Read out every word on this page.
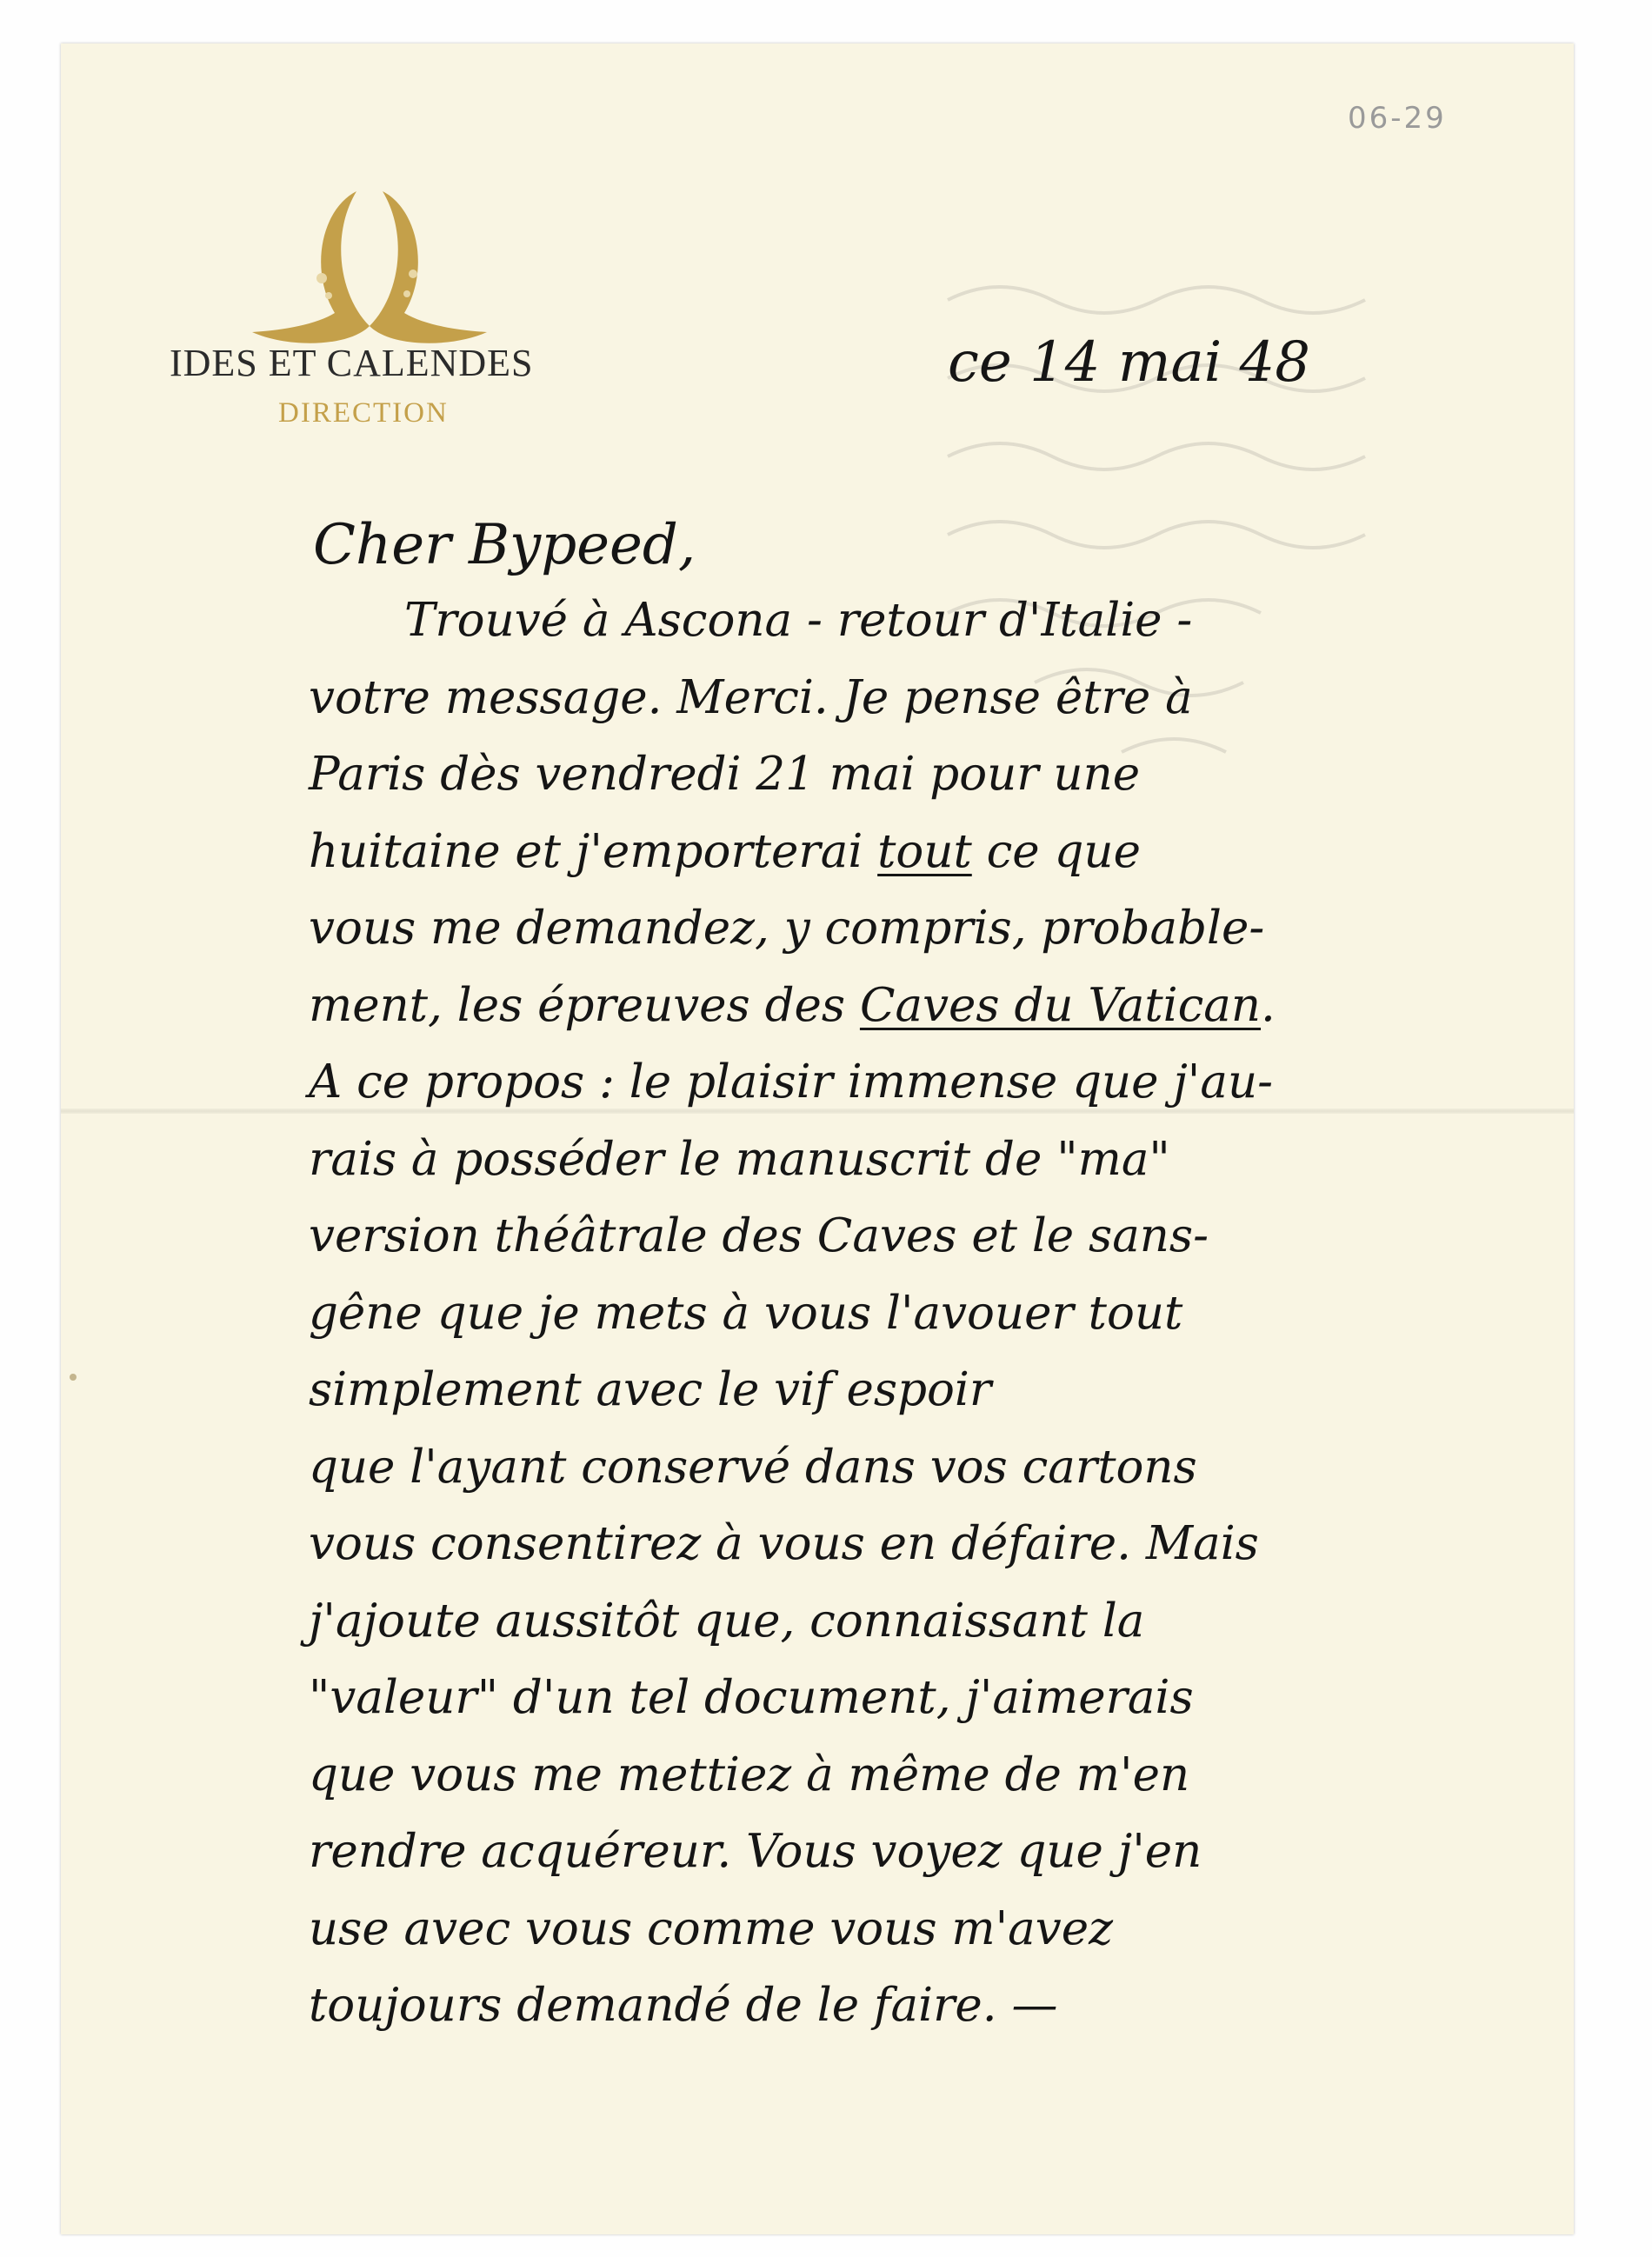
06-29
IDES ET CALENDES
DIRECTION
ce 14 mai 48
Cher Bypeed,
Trouvé à Ascona - retour d'Italie -
votre message. Merci. Je pense être à
Paris dès vendredi 21 mai pour une
huitaine et j'emporterai tout ce que
vous me demandez, y compris, probable-
ment, les épreuves des Caves du Vatican.
A ce propos : le plaisir immense que j'au-
rais à posséder le manuscrit de "ma"
version théâtrale des Caves et le sans-
gêne que je mets à vous l'avouer tout
simplement avec le vif espoir
que l'ayant conservé dans vos cartons
vous consentirez à vous en défaire. Mais
j'ajoute aussitôt que, connaissant la
"valeur" d'un tel document, j'aimerais
que vous me mettiez à même de m'en
rendre acquéreur. Vous voyez que j'en
use avec vous comme vous m'avez
toujours demandé de le faire. —
